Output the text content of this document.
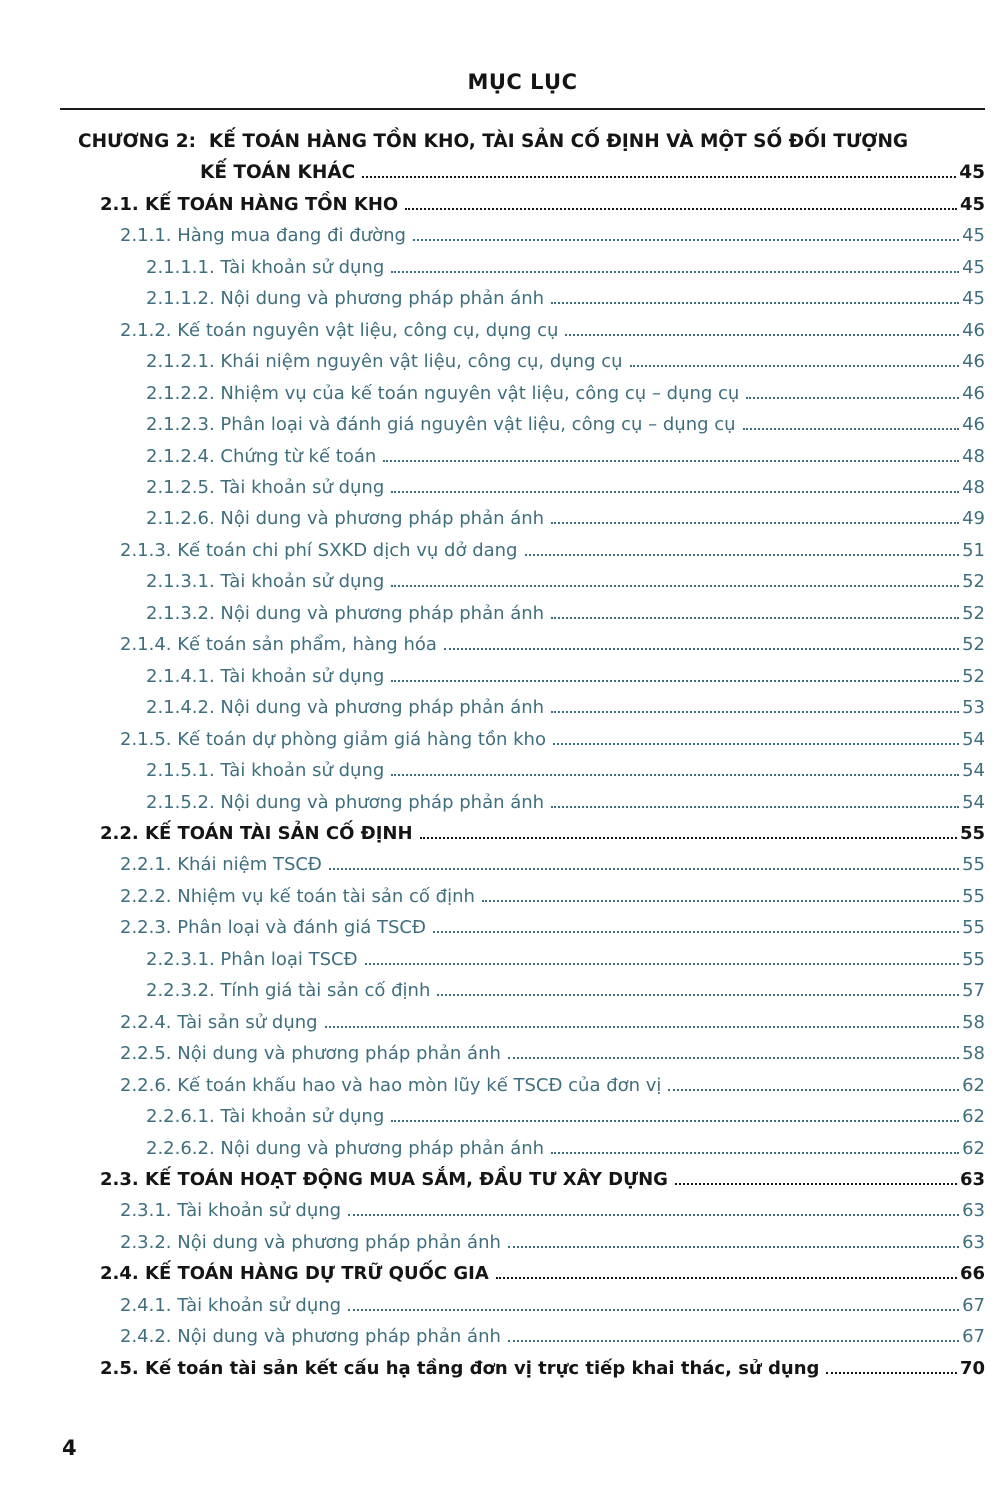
MỤC LỤC
CHƯƠNG 2:  KẾ TOÁN HÀNG TỒN KHO, TÀI SẢN CỐ ĐỊNH VÀ MỘT SỐ ĐỐI TƯỢNG
KẾ TOÁN KHÁC	45
2.1. KẾ TOÁN HÀNG TỒN KHO	45
2.1.1. Hàng mua đang đi đường	45
2.1.1.1. Tài khoản sử dụng	45
2.1.1.2. Nội dung và phương pháp phản ánh	45
2.1.2. Kế toán nguyên vật liệu, công cụ, dụng cụ	46
2.1.2.1. Khái niệm nguyên vật liệu, công cụ, dụng cụ	46
2.1.2.2. Nhiệm vụ của kế toán nguyên vật liệu, công cụ – dụng cụ	46
2.1.2.3. Phân loại và đánh giá nguyên vật liệu, công cụ – dụng cụ	46
2.1.2.4. Chứng từ kế toán	48
2.1.2.5. Tài khoản sử dụng	48
2.1.2.6. Nội dung và phương pháp phản ánh	49
2.1.3. Kế toán chi phí SXKD dịch vụ dở dang	51
2.1.3.1. Tài khoản sử dụng	52
2.1.3.2. Nội dung và phương pháp phản ánh	52
2.1.4. Kế toán sản phẩm, hàng hóa	52
2.1.4.1. Tài khoản sử dụng	52
2.1.4.2. Nội dung và phương pháp phản ánh	53
2.1.5. Kế toán dự phòng giảm giá hàng tồn kho	54
2.1.5.1. Tài khoản sử dụng	54
2.1.5.2. Nội dung và phương pháp phản ánh	54
2.2. KẾ TOÁN TÀI SẢN CỐ ĐỊNH	55
2.2.1. Khái niệm TSCĐ	55
2.2.2. Nhiệm vụ kế toán tài sản cố định	55
2.2.3. Phân loại và đánh giá TSCĐ	55
2.2.3.1. Phân loại TSCĐ	55
2.2.3.2. Tính giá tài sản cố định	57
2.2.4. Tài sản sử dụng	58
2.2.5. Nội dung và phương pháp phản ánh	58
2.2.6. Kế toán khấu hao và hao mòn lũy kế TSCĐ của đơn vị	62
2.2.6.1. Tài khoản sử dụng	62
2.2.6.2. Nội dung và phương pháp phản ánh	62
2.3. KẾ TOÁN HOẠT ĐỘNG MUA SẮM, ĐẦU TƯ XÂY DỰNG	63
2.3.1. Tài khoản sử dụng	63
2.3.2. Nội dung và phương pháp phản ánh	63
2.4. KẾ TOÁN HÀNG DỰ TRỮ QUỐC GIA	66
2.4.1. Tài khoản sử dụng	67
2.4.2. Nội dung và phương pháp phản ánh	67
2.5. Kế toán tài sản kết cấu hạ tầng đơn vị trực tiếp khai thác, sử dụng	70
4
